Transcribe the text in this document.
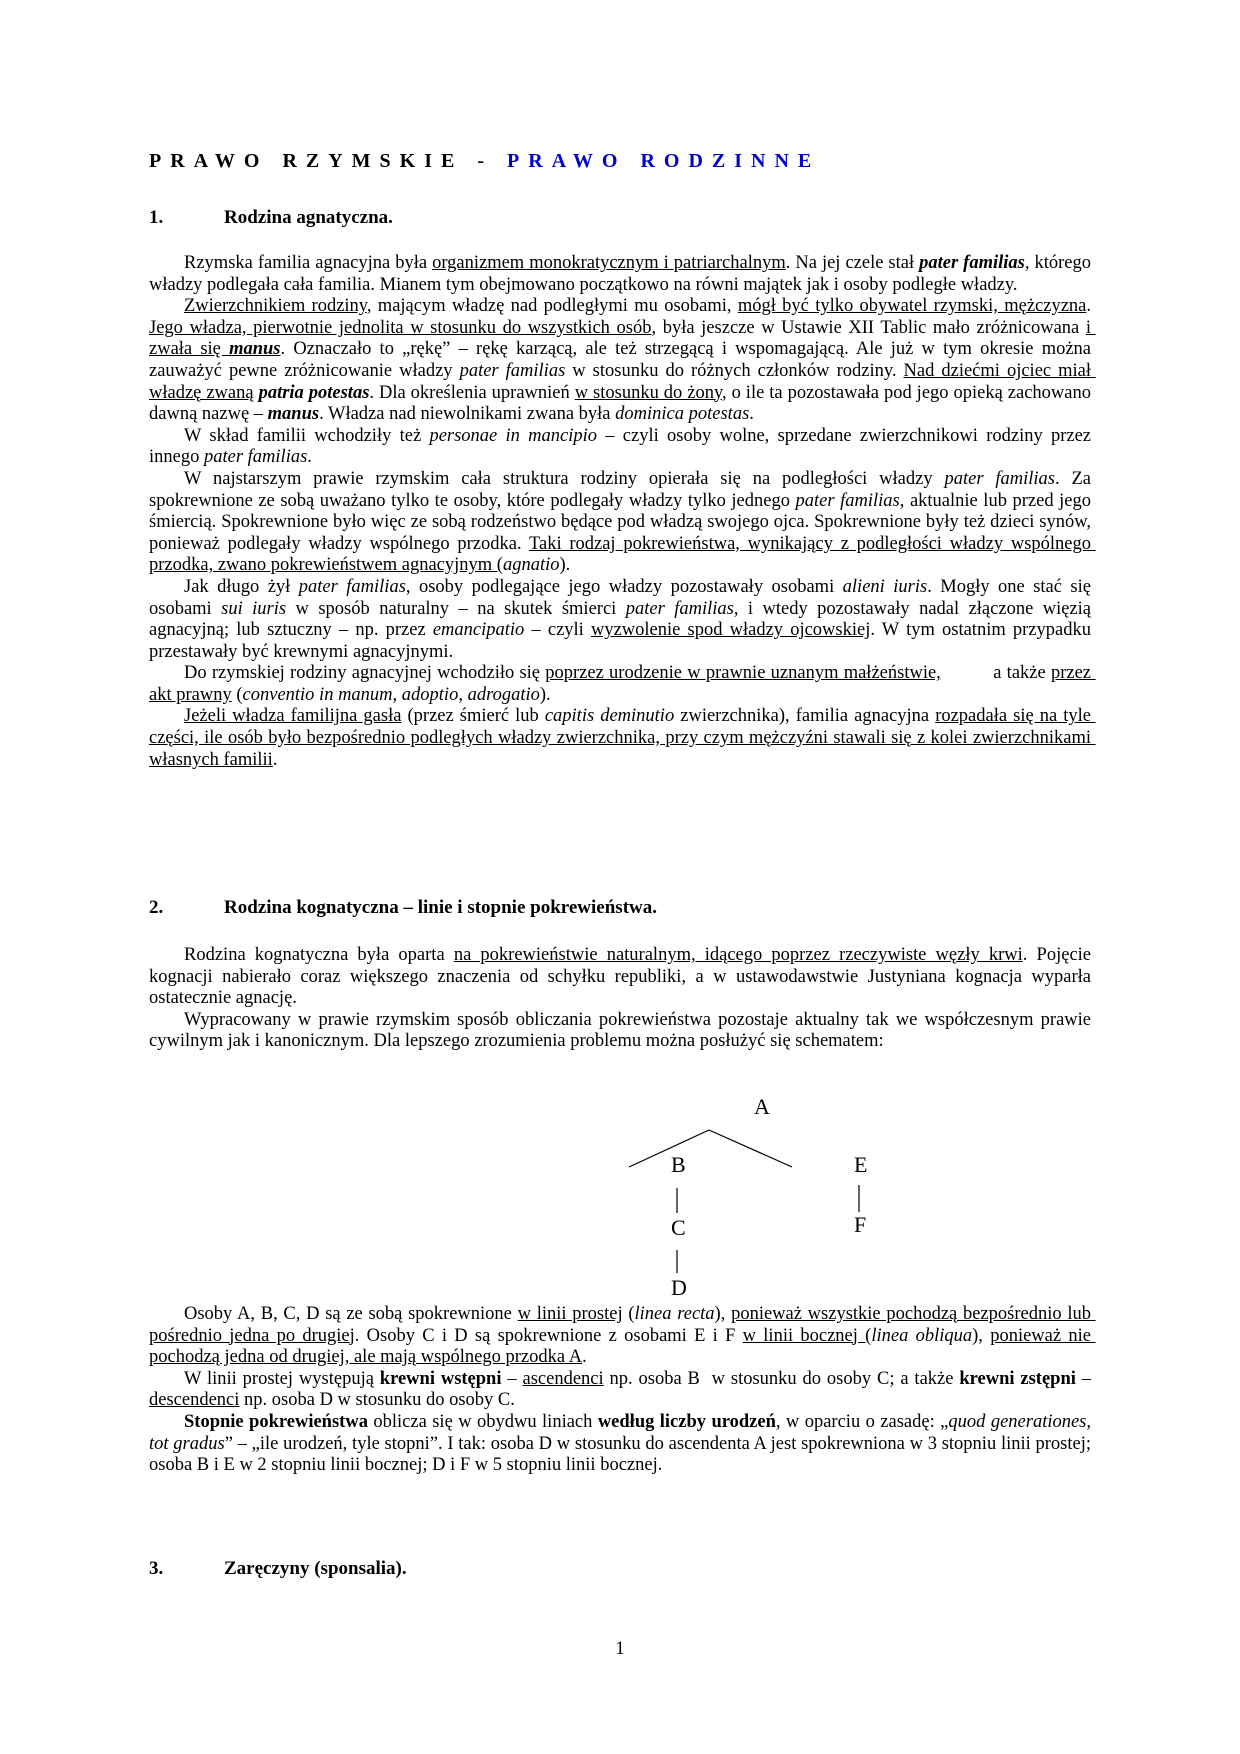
PRAWO RZYMSKIE - PRAWO RODZINNE
1.	Rodzina agnatyczna.

Rzymska familia agnacyjna była organizmem monokratycznym i patriarchalnym. Na jej czele stał pater familias, którego władzy podlegała cała familia. Mianem tym obejmowano początkowo na równi majątek jak i osoby podległe władzy.

Zwierzchnikiem rodziny, mającym władzę nad podległymi mu osobami, mógł być tylko obywatel rzymski, mężczyzna. Jego władza, pierwotnie jednolita w stosunku do wszystkich osób, była jeszcze w Ustawie XII Tablic mało zróżnicowana i zwała się manus. Oznaczało to „rękę” – rękę karzącą, ale też strzegącą i wspomagającą. Ale już w tym okresie można zauważyć pewne zróżnicowanie władzy pater familias w stosunku do różnych członków rodziny. Nad dziećmi ojciec miał władzę zwaną patria potestas. Dla określenia uprawnień w stosunku do żony, o ile ta pozostawała pod jego opieką zachowano dawną nazwę – manus. Władza nad niewolnikami zwana była dominica potestas.

W skład familii wchodziły też personae in mancipio – czyli osoby wolne, sprzedane zwierzchnikowi rodziny przez innego pater familias.

W najstarszym prawie rzymskim cała struktura rodziny opierała się na podległości władzy pater familias. Za spokrewnione ze sobą uważano tylko te osoby, które podlegały władzy tylko jednego pater familias, aktualnie lub przed jego śmiercią. Spokrewnione było więc ze sobą rodzeństwo będące pod władzą swojego ojca. Spokrewnione były też dzieci synów, ponieważ podlegały władzy wspólnego przodka. Taki rodzaj pokrewieństwa, wynikający z podległości władzy wspólnego przodka, zwano pokrewieństwem agnacyjnym (agnatio).

Jak długo żył pater familias, osoby podlegające jego władzy pozostawały osobami alieni iuris. Mogły one stać się osobami sui iuris w sposób naturalny – na skutek śmierci pater familias, i wtedy pozostawały nadal złączone więzią agnacyjną; lub sztuczny – np. przez emancipatio – czyli wyzwolenie spod władzy ojcowskiej. W tym ostatnim przypadku przestawały być krewnymi agnacyjnymi.

Do rzymskiej rodziny agnacyjnej wchodziło się poprzez urodzenie w prawnie uznanym małżeństwie,          a także przez akt prawny (conventio in manum, adoptio, adrogatio).

Jeżeli władza familijna gasła (przez śmierć lub capitis deminutio zwierzchnika), familia agnacyjna rozpadała się na tyle części, ile osób było bezpośrednio podległych władzy zwierzchnika, przy czym mężczyźni stawali się z kolei zwierzchnikami własnych familii.

2.	Rodzina kognatyczna – linie i stopnie pokrewieństwa.

Rodzina kognatyczna była oparta na pokrewieństwie naturalnym, idącego poprzez rzeczywiste węzły krwi. Pojęcie kognacji nabierało coraz większego znaczenia od schyłku republiki, a w ustawodawstwie Justyniana kognacja wyparła ostatecznie agnację.

Wypracowany w prawie rzymskim sposób obliczania pokrewieństwa pozostaje aktualny tak we współczesnym prawie cywilnym jak i kanonicznym. Dla lepszego zrozumienia problemu można posłużyć się schematem:

A
B
C
D
E
F

Osoby A, B, C, D są ze sobą spokrewnione w linii prostej (linea recta), ponieważ wszystkie pochodzą bezpośrednio lub pośrednio jedna po drugiej. Osoby C i D są spokrewnione z osobami E i F w linii bocznej (linea obliqua), ponieważ nie pochodzą jedna od drugiej, ale mają wspólnego przodka A.

W linii prostej występują krewni wstępni – ascendenci np. osoba B  w stosunku do osoby C; a także krewni zstępni – descendenci np. osoba D w stosunku do osoby C.

Stopnie pokrewieństwa oblicza się w obydwu liniach według liczby urodzeń, w oparciu o zasadę: „quod generationes, tot gradus” – „ile urodzeń, tyle stopni”. I tak: osoba D w stosunku do ascendenta A jest spokrewniona w 3 stopniu linii prostej; osoba B i E w 2 stopniu linii bocznej; D i F w 5 stopniu linii bocznej.

3.	Zaręczyny (sponsalia).
1
